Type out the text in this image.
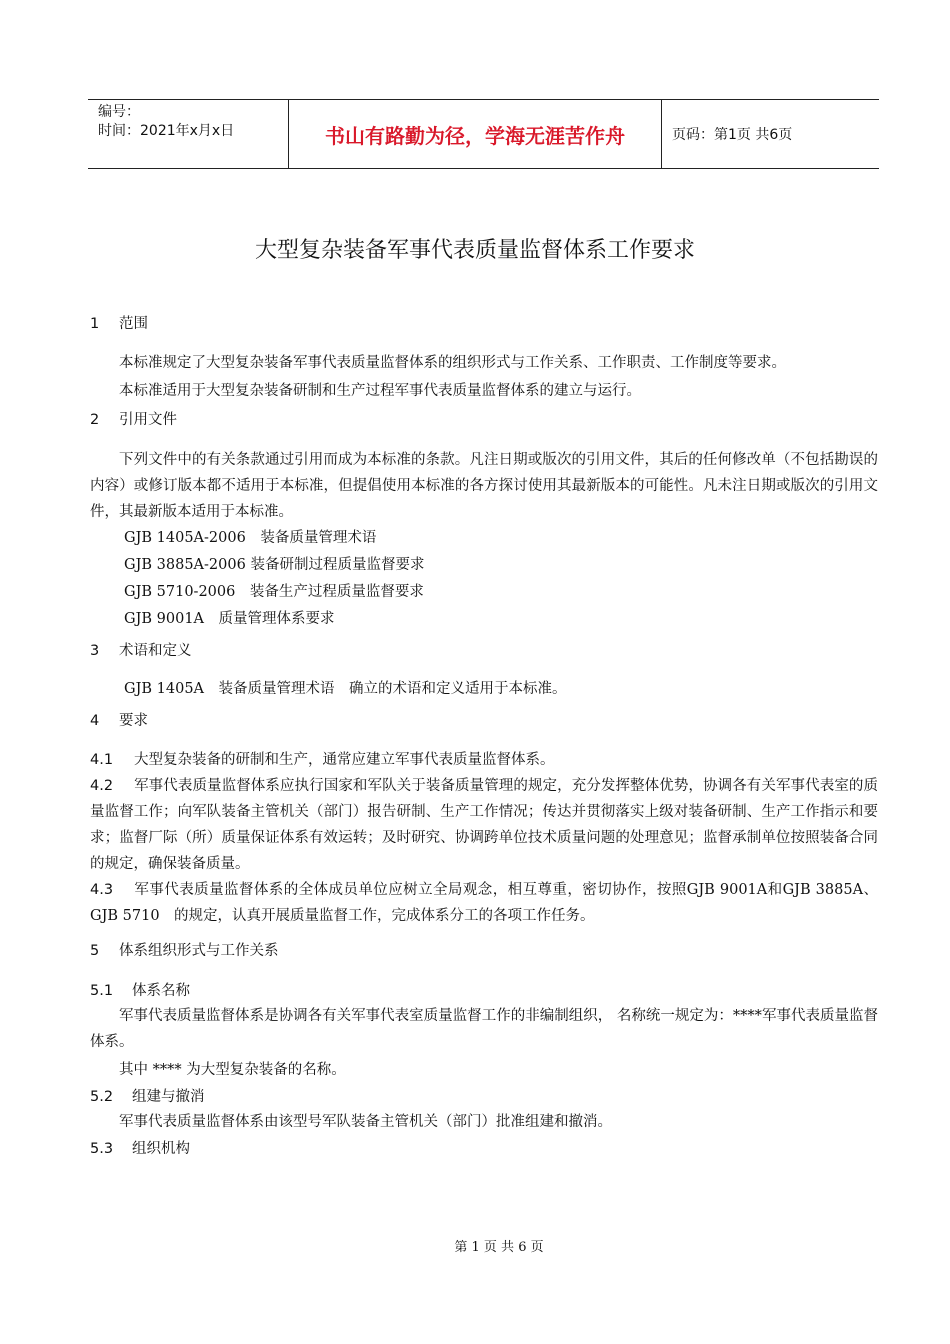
编号：
时间：2021年x月x日	书山有路勤为径，学海无涯苦作舟	页码：第1页 共6页
大型复杂装备军事代表质量监督体系工作要求

1 范围

本标准规定了大型复杂装备军事代表质量监督体系的组织形式与工作关系、工作职责、工作制度等要求。

本标准适用于大型复杂装备研制和生产过程军事代表质量监督体系的建立与运行。

2 引用文件

下列文件中的有关条款通过引用而成为本标准的条款。凡注日期或版次的引用文件，其后的任何修改单（不包括勘误的内容）或修订版本都不适用于本标准，但提倡使用本标准的各方探讨使用其最新版本的可能性。凡未注日期或版次的引用文件，其最新版本适用于本标准。

GJB 1405A-2006　装备质量管理术语

GJB 3885A-2006 装备研制过程质量监督要求

GJB 5710-2006　装备生产过程质量监督要求

GJB 9001A　质量管理体系要求

3 术语和定义

GJB 1405A　装备质量管理术语　确立的术语和定义适用于本标准。

4 要求

4.1 大型复杂装备的研制和生产，通常应建立军事代表质量监督体系。

4.2 军事代表质量监督体系应执行国家和军队关于装备质量管理的规定，充分发挥整体优势，协调各有关军事代表室的质量监督工作；向军队装备主管机关（部门）报告研制、生产工作情况；传达并贯彻落实上级对装备研制、生产工作指示和要求；监督厂际（所）质量保证体系有效运转；及时研究、协调跨单位技术质量问题的处理意见；监督承制单位按照装备合同的规定，确保装备质量。

4.3 军事代表质量监督体系的全体成员单位应树立全局观念，相互尊重，密切协作，按照GJB 9001A和GJB 3885A、GJB 5710　的规定，认真开展质量监督工作，完成体系分工的各项工作任务。

5 体系组织形式与工作关系

5.1 体系名称

军事代表质量监督体系是协调各有关军事代表室质量监督工作的非编制组织， 名称统一规定为：****军事代表质量监督体系。

其中 **** 为大型复杂装备的名称。

5.2 组建与撤消

军事代表质量监督体系由该型号军队装备主管机关（部门）批准组建和撤消。

5.3 组织机构

第 1 页 共 6 页
